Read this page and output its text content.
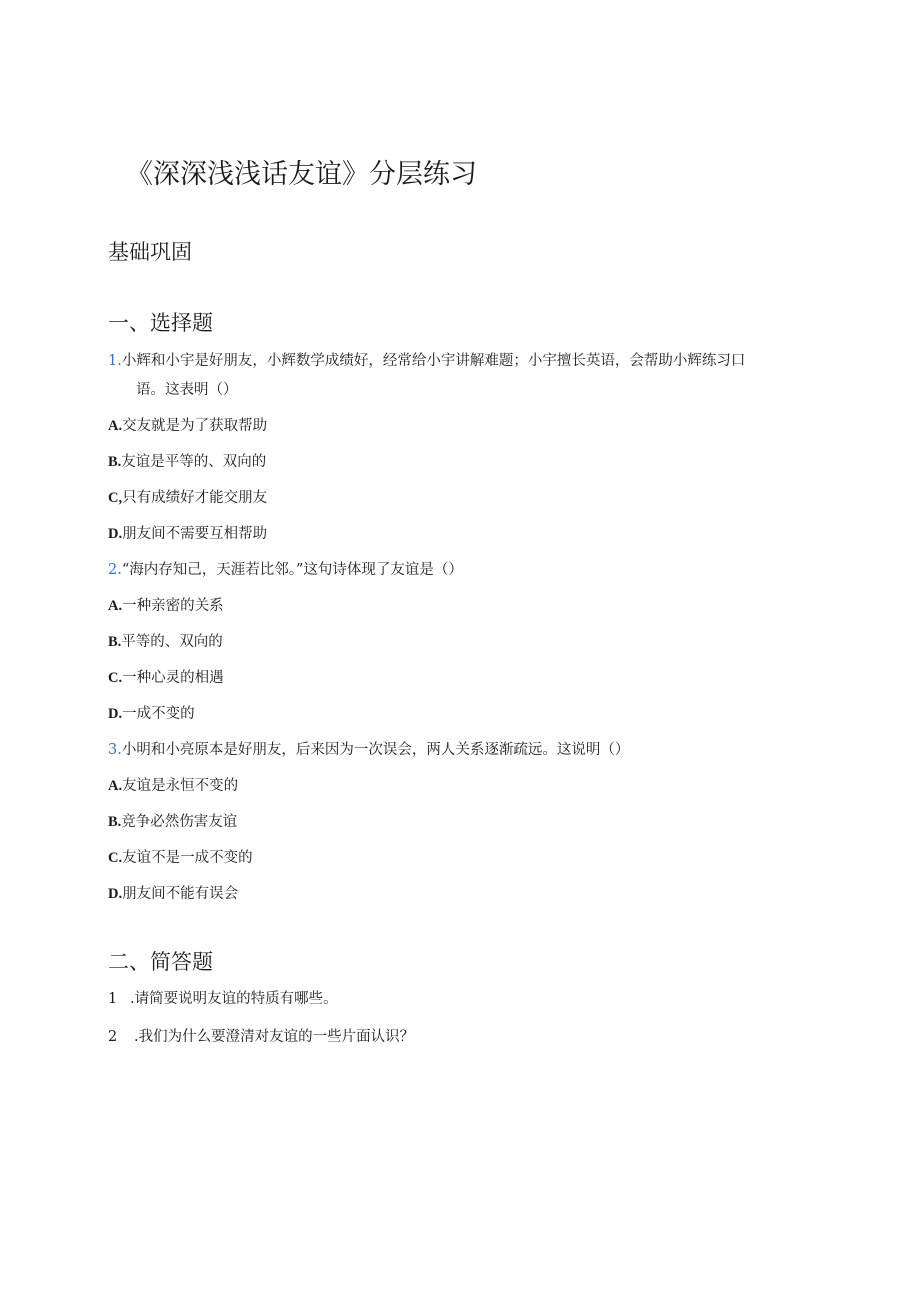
《深深浅浅话友谊》分层练习
基础巩固
一、选择题
1.小辉和小宇是好朋友，小辉数学成绩好，经常给小宇讲解难题；小宇擅长英语，会帮助小辉练习口
语。这表明（）
A.交友就是为了获取帮助
B.友谊是平等的、双向的
C,只有成绩好才能交朋友
D.朋友间不需要互相帮助
2.“海内存知己，天涯若比邻。”这句诗体现了友谊是（）
A.一种亲密的关系
B.平等的、双向的
C.一种心灵的相遇
D.一成不变的
3.小明和小亮原本是好朋友，后来因为一次误会，两人关系逐渐疏远。这说明（）
A.友谊是永恒不变的
B.竞争必然伤害友谊
C.友谊不是一成不变的
D.朋友间不能有误会
二、简答题
1 .请简要说明友谊的特质有哪些。
2 .我们为什么要澄清对友谊的一些片面认识？
